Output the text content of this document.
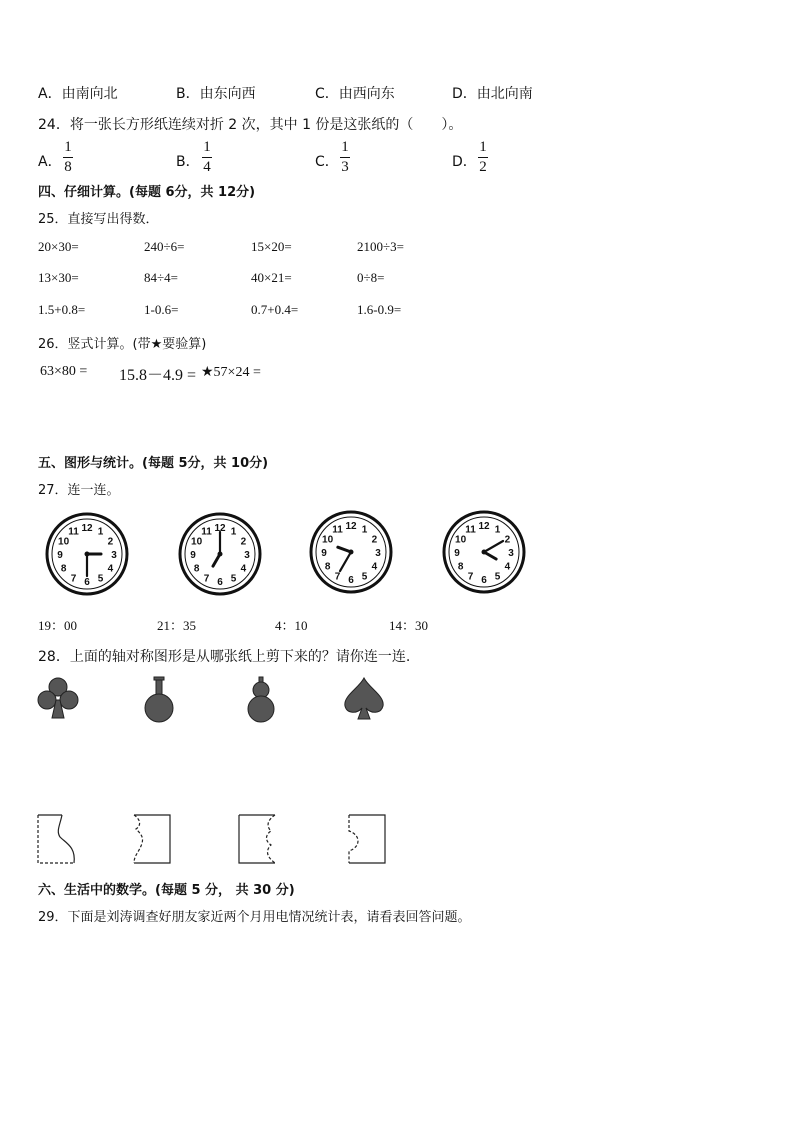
A．由南向北	B．由东向西	C．由西向东	D．由北向南
24．将一张长方形纸连续对折 2 次，其中 1 份是这张纸的（　　）。
A．
1
8	B．
1
4	C．
1
3	D．
1
2
四、仔细计算。(每题 6分，共 12分)
25．直接写出得数．
20×30=	240÷6=	15×20=	2100÷3=
13×30=	84÷4=	40×21=	0÷8=
1.5+0.8=	1-0.6=	0.7+0.4=	1.6-0.9=
26．竖式计算。(带★要验算)
63×80 = 15.8－4.9 = ★57×24 =
五、图形与统计。(每题 5分，共 10分)
27．连一连。
12 1
2
3
4
5
6
7
8
9
10
11	12 1
2
3
4
5
6
7
8
9
10
11
12 1
2
3
4
5
6
7
8
9
10
11	12 1
2
3
4
5
6
7
8
9
10
11
19：00	21：35	4：10	14：30
28．上面的轴对称图形是从哪张纸上剪下来的？请你连一连.
六、生活中的数学。(每题 5 分， 共 30 分)
29．下面是刘涛调查好朋友家近两个月用电情况统计表，请看表回答问题。
